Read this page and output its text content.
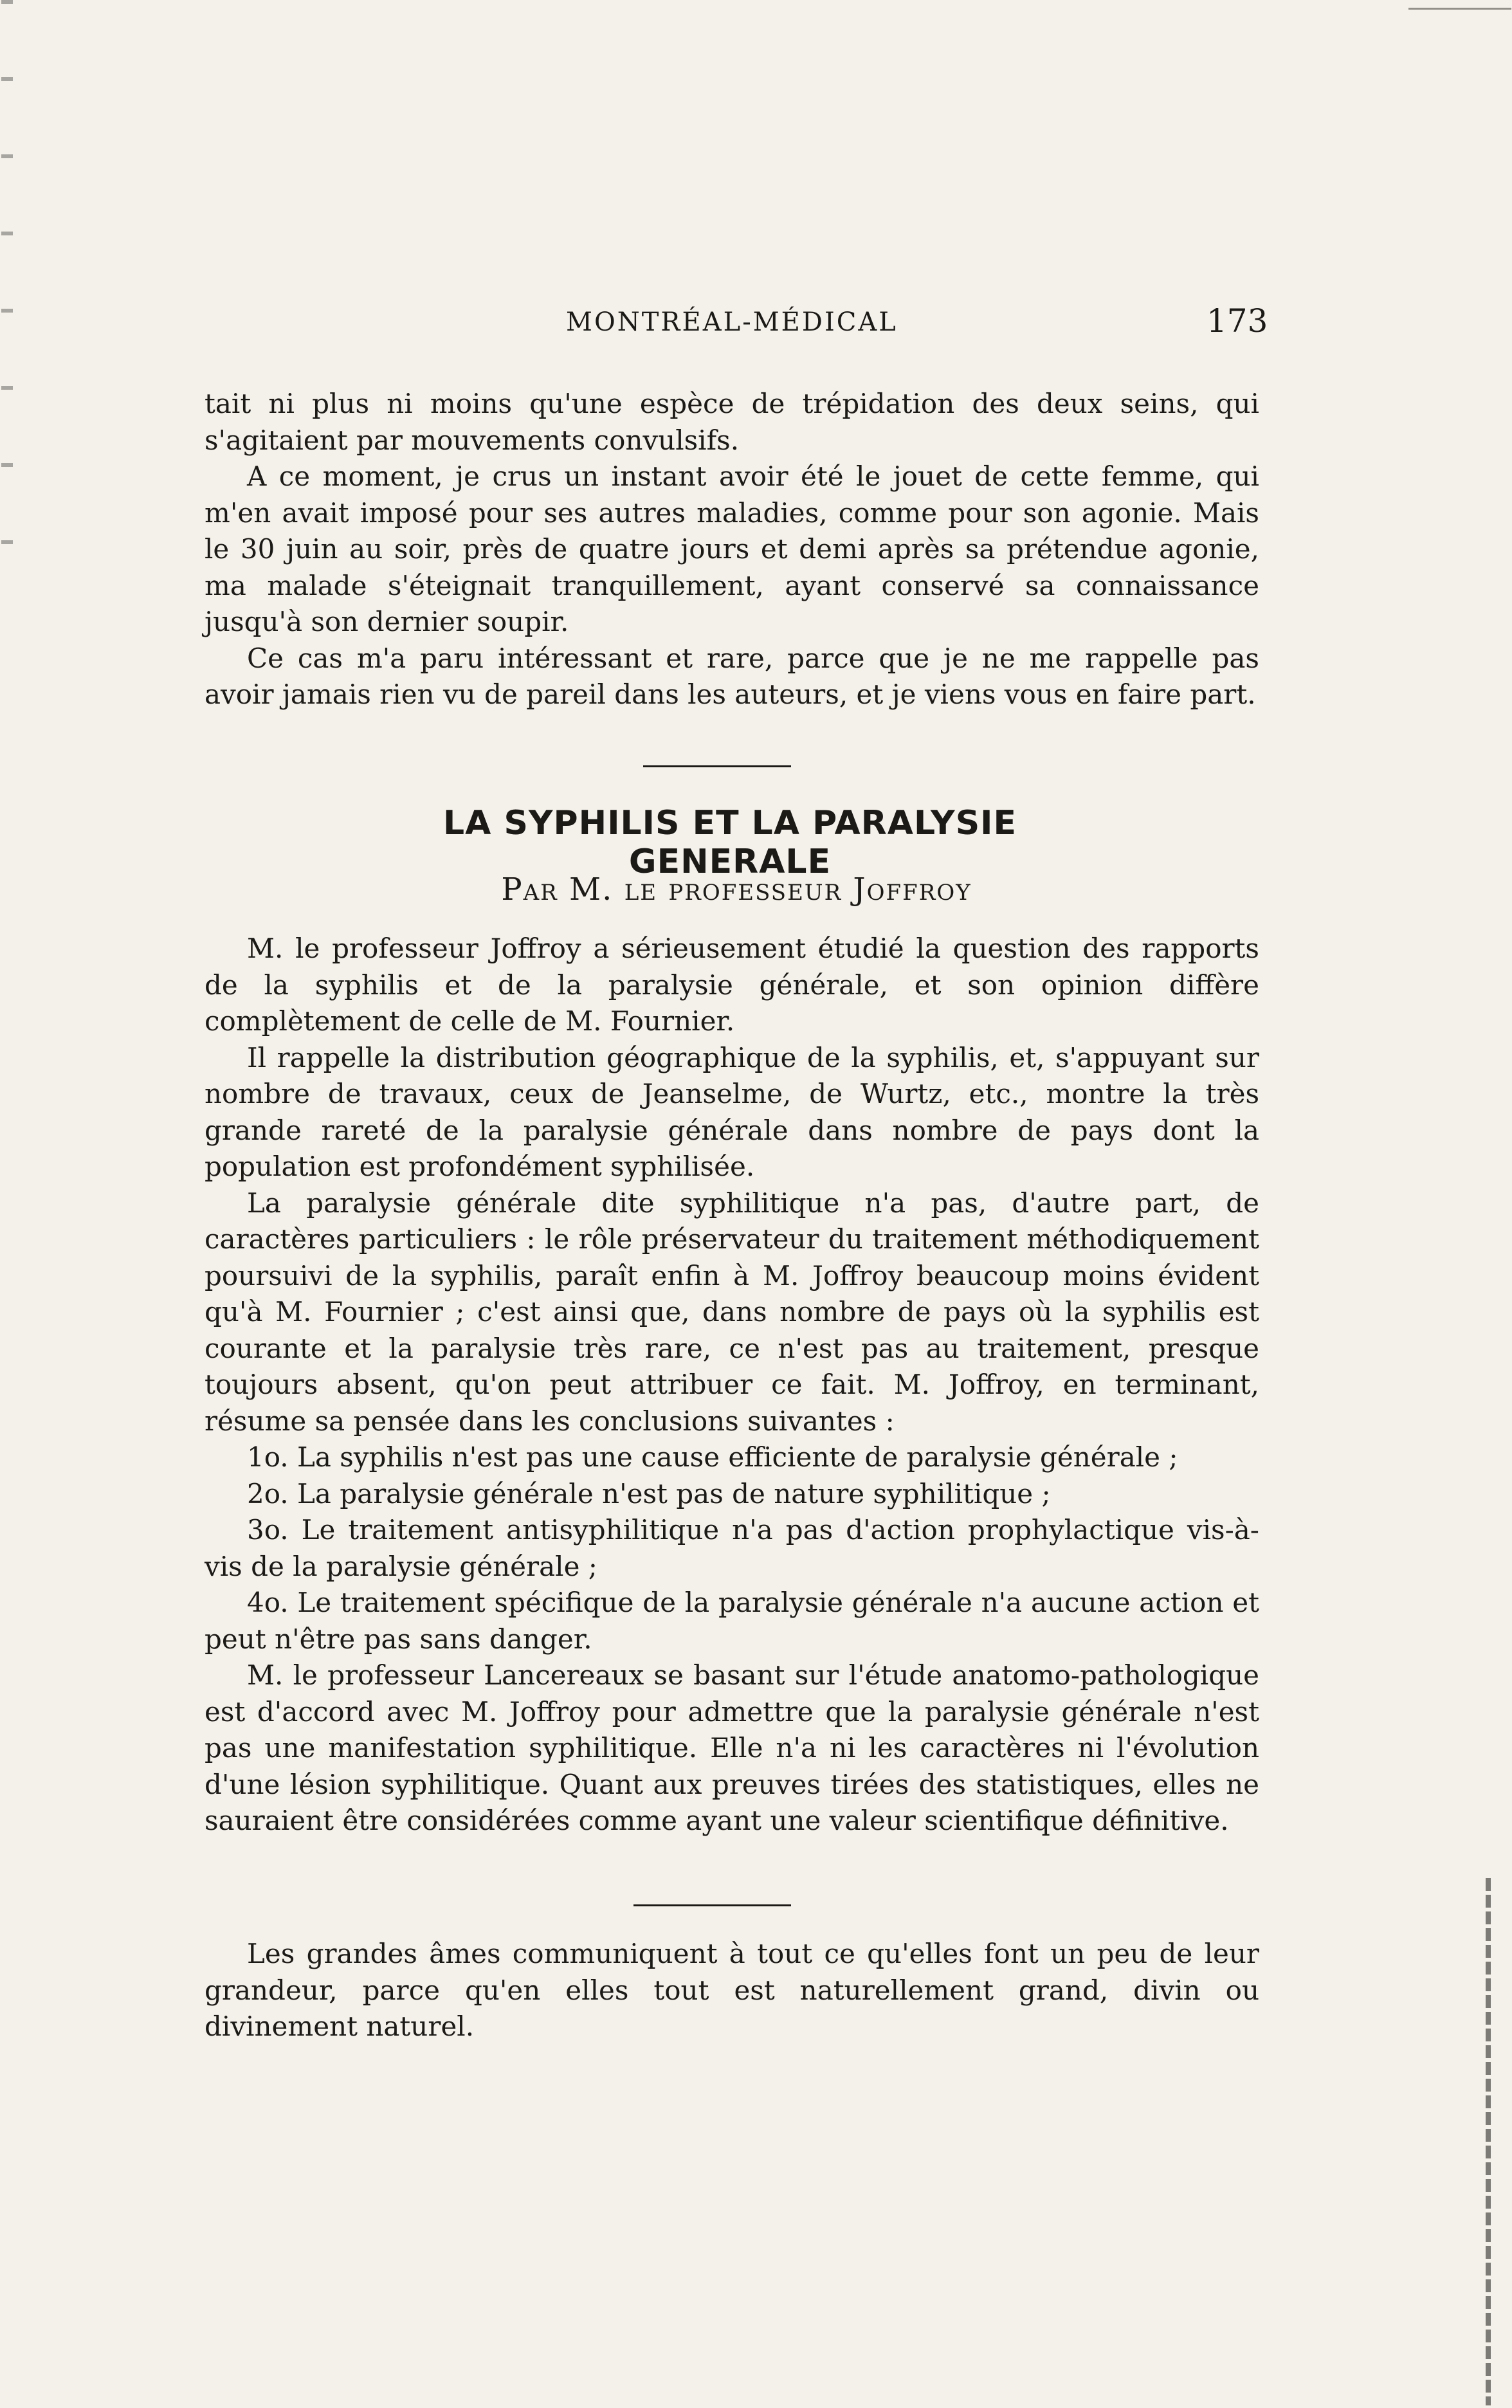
MONTRÉAL-MÉDICAL	173

tait ni plus ni moins qu'une espèce de trépidation des deux seins, qui s'agitaient par mouvements convulsifs.

A ce moment, je crus un instant avoir été le jouet de cette femme, qui m'en avait imposé pour ses autres maladies, comme pour son agonie. Mais le 30 juin au soir, près de quatre jours et demi après sa prétendue agonie, ma malade s'éteignait tranquillement, ayant conservé sa connaissance jusqu'à son dernier soupir.

Ce cas m'a paru intéressant et rare, parce que je ne me rappelle pas avoir jamais rien vu de pareil dans les auteurs, et je viens vous en faire part.

LA SYPHILIS ET LA PARALYSIE GENERALE
Par M. le professeur Joffroy

M. le professeur Joffroy a sérieusement étudié la question des rapports de la syphilis et de la paralysie générale, et son opinion diffère complètement de celle de M. Fournier.

Il rappelle la distribution géographique de la syphilis, et, s'appuyant sur nombre de travaux, ceux de Jeanselme, de Wurtz, etc., montre la très grande rareté de la paralysie générale dans nombre de pays dont la population est profondément syphilisée.

La paralysie générale dite syphilitique n'a pas, d'autre part, de caractères particuliers : le rôle préservateur du traitement méthodiquement poursuivi de la syphilis, paraît enfin à M. Joffroy beaucoup moins évident qu'à M. Fournier ; c'est ainsi que, dans nombre de pays où la syphilis est courante et la paralysie très rare, ce n'est pas au traitement, presque toujours absent, qu'on peut attribuer ce fait. M. Joffroy, en terminant, résume sa pensée dans les conclusions suivantes :

1o. La syphilis n'est pas une cause efficiente de paralysie générale ;

2o. La paralysie générale n'est pas de nature syphilitique ;

3o. Le traitement antisyphilitique n'a pas d'action prophylactique vis-à-vis de la paralysie générale ;

4o. Le traitement spécifique de la paralysie générale n'a aucune action et peut n'être pas sans danger.

M. le professeur Lancereaux se basant sur l'étude anatomo-pathologique est d'accord avec M. Joffroy pour admettre que la paralysie générale n'est pas une manifestation syphilitique. Elle n'a ni les caractères ni l'évolution d'une lésion syphilitique. Quant aux preuves tirées des statistiques, elles ne sauraient être considérées comme ayant une valeur scientifique définitive.

Les grandes âmes communiquent à tout ce qu'elles font un peu de leur grandeur, parce qu'en elles tout est naturellement grand, divin ou divinement naturel.
